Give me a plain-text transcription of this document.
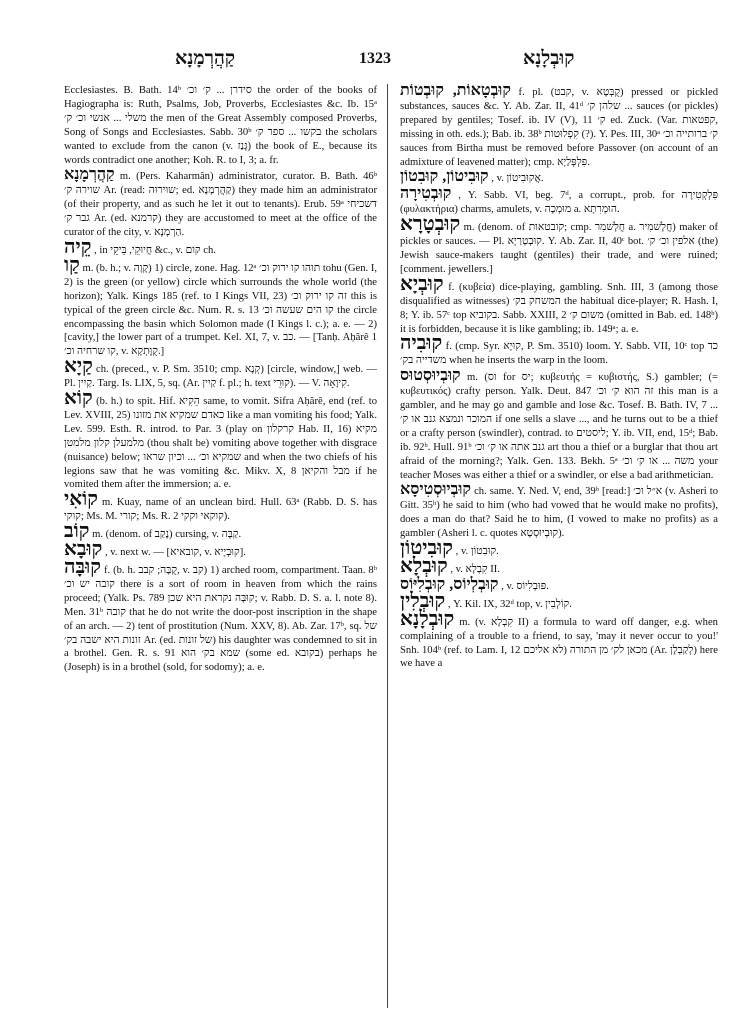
קַהֲרְמָנָא	1323	קוּבְלָנָא

Ecclesiastes. B. Bath. 14ᵇ סידרן ... ק׳ וכ׳ the order of the books of Hagiographa is: Ruth, Psalms, Job, Proverbs, Ecclesiastes &c. Ib. 15ᵃ משלי ... אנשי וכ׳ ק׳ the men of the Great Assembly composed Proverbs, Song of Songs and Ecclesiastes. Sabb. 30ᵇ בקשו ... ספר ק׳ the scholars wanted to exclude from the canon (v. גָּנַז) the book of E., because its words contradict one another; Koh. R. to I, 3; a. fr.

קַהֲרְמָנָא m. (Pers. Kaharmân) administrator, curator. B. Bath. 46ᵇ שוירה ק׳ Ar. (read: שוּירוּה; ed. קַהֲרְמָנָא) they made him an administrator (of their property, and as such he let it out to tenants). Erub. 59ᵃ דשכיחי גבר ק׳ Ar. (ed. קרמנא) they are accustomed to meet at the office of the curator of the city, v. הַרְמְנָא.

קֵיה , in חֲיוּקֵי, בֵּיקֵי &c., v. קום ch.

קַו m. (b. h.; v. קָוָה) 1) circle, zone. Hag. 12ᵃ תוהו קו ירוק וכ׳ tohu (Gen. I, 2) is the green (or yellow) circle which surrounds the whole world (the horizon); Yalk. Kings 185 (ref. to I Kings VII, 23) זה קו ירוק וכ׳ this is typical of the green circle &c. Num. R. s. 13 קו הים שעשה וכ׳ the circle encompassing the basin which Solomon made (I Kings l. c.); a. e. — 2) [cavity,] the lower part of a trumpet. Kel. XI, 7, v. כב. — [Tanḥ. Aḥărê 1 קו שרחיה וכ׳, v. קֻוֶּתְקָא.]

קַיָא ch. (preced., v. P. Sm. 3510; cmp. קְנָא) [circle, window,] web. — Pl. קַיִין. Targ. Is. LIX, 5, sq. (Ar. קַיִין f. pl.; h. text קוּרֵי). — V. קִיוָאָה.

קוֹא (b. h.) to spit. Hif. הֵקִיא same, to vomit. Sifra Aḥărê, end (ref. to Lev. XVIII, 25) כאדם שמקיא את מזונו like a man vomiting his food; Yalk. Lev. 599. Esth. R. introd. to Par. 3 (play on קרקלון Hab. II, 16) מקיא מלמעלן קלון מלמטן (thou shalt be) vomiting above together with disgrace (nuisance) below; שמקיא וכ׳ ... וכיון שראו and when the two chiefs of his legions saw that he was vomiting &c. Mikv. X, 8 מבל והקיאן if he vomited them after the immersion; a. e.

קוֹאִי m. Kuay, name of an unclean bird. Hull. 63ᵃ (Rabb. D. S. has קוקי; Ms. M. קורי; Ms. R. 2 קוקאי וקקי).

קוֹב m. (denom. of נָקַב) cursing, v. קַבָּה.

קוּבָא , v. next w. — [קובאיא, v. קוּבְיָיא].

קוּבָּה f. (b. h. קֻבָּה; קבב, v. קב) 1) arched room, compartment. Taan. 8ᵇ קובה יש וכ׳ there is a sort of room in heaven from which the rains proceed; (Yalk. Ps. 789 קוּבָּה נקראת היא שכן; v. Rabb. D. S. a. l. note 8). Men. 31ᵇ קובה that he do not write the door-post inscription in the shape of an arch. — 2) tent of prostitution (Num. XXV, 8). Ab. Zar. 17ᵇ, sq. של זונות היא ישבה בק׳ Ar. (ed. של זונות) his daughter was condemned to sit in a brothel. Gen. R. s. 91 שמא בק׳ הוא (some ed. בקובא) perhaps he (Joseph) is in a brothel (sold, for sodomy); a. e.

קוּבְטָאוֹת, קוּבְטוֹת f. pl. (קבט, v. קֻבְּטָא) pressed or pickled substances, sauces &c. Y. Ab. Zar. II, 41ᵈ שלהן ק׳ ... sauces (or pickles) prepared by gentiles; Tosef. ib. IV (V), 11 ק׳ ed. Zuck. (Var. קפטאות, missing in oth. eds.); Bab. ib. 38ᵇ קִפְלוּטוֹת (?). Y. Pes. III, 30ᵃ ק׳ ברותייה וכ׳ sauces from Birtha must be removed before Passover (on account of an admixture of leavened matter); cmp. פִּלְפְּלַיָא.

קוּבִיטוֹן, קוּבִטוֹן , v. אֲקוּבִיטוֹן.

קוּבְטִירָה , Y. Sabb. VI, beg. 7ᵈ, a corrupt., prob. for פִּלְקְטִירָה (φυλακτήρια) charms, amulets, v. מוּמְכָה a. הוּמְרִתָא.

קוּבְטָרָא m. (denom. of קובטאות; cmp. חֲלָשׁמִר a. חֲלָשׁמִיר) maker of pickles or sauces. — Pl. קוּבְטְרַיָא. Y. Ab. Zar. II, 40ᶜ bot. אלפין וכ׳ ק׳ (the) Jewish sauce-makers taught (gentiles) their trade, and were ruined; [comment. jewellers.]

קוּבְיָא f. (κυβεία) dice-playing, gambling. Snh. III, 3 (among those disqualified as witnesses) המשחק בק׳ the habitual dice-player; R. Hash. I, 8; Y. ib. 57ᶜ top בקוביא. Sabb. XXIII, 2 משום ק׳ (omitted in Bab. ed. 148ᵇ) it is forbidden, because it is like gambling; ib. 149ᵃ; a. e.

קוּבִיה f. (cmp. Syr. קוּיָא, P. Sm. 3510) loom. Y. Sabb. VII, 10ᶜ top כד משדייה בק׳ when he inserts the warp in the loom.

קוּבְיוּסְטוּס m. (וס for יס; κυβευτής = κυβιστής, S.) gambler; (= κυβευτικός) crafty person. Yalk. Deut. 847 זה הוא ק׳ וכ׳ this man is a gambler, and he may go and gamble and lose &c. Tosef. B. Bath. IV, 7 ... המוכר ונמצא גנב או ק׳ if one sells a slave ..., and he turns out to be a thief or a crafty person (swindler), contrad. to ליסטים; Y. ib. VII, end, 15ᵈ; Bab. ib. 92ᵇ. Hull. 91ᵇ גנב אתה או ק׳ וכ׳ art thou a thief or a burglar that thou art afraid of the morning?; Yalk. Gen. 133. Bekh. 5ᵃ משה ... או ק׳ וכ׳ your teacher Moses was either a thief or a swindler, or else a bad arithmetician.

קוּבְיוּסְטִיסָא ch. same. Y. Ned. V, end, 39ᵇ [read:] א״ל וכ׳ (v. Asheri to Gitt. 35ᵇ) he said to him (who had vowed that he would make no profits), does a man do that? Said he to him, (I vowed to make no profits) as a gambler (Asheri l. c. quotes קוּבְיוּסְטָא).

קוּבִיטוֹן , v. קוּבִטוֹן.

קוּבְלָא , v. קִבְלָא II.

קוּבְלְיוֹס, קוּבְלִיּוֹס , v. פּוּבְלִיוֹס.

קוּבְלִין , Y. Kil. IX, 32ᵈ top, v. קוֹלְבִין.

קוּבְלָנָא m. (v. קִבְלָא II) a formula to ward off danger, e.g. when complaining of a trouble to a friend, to say, 'may it never occur to you!' Snh. 104ᵇ (ref. to Lam. I, 12 מכאן לק׳ מן התורה (לא אליכם (Ar. לְקַבְלָן) here we have a
